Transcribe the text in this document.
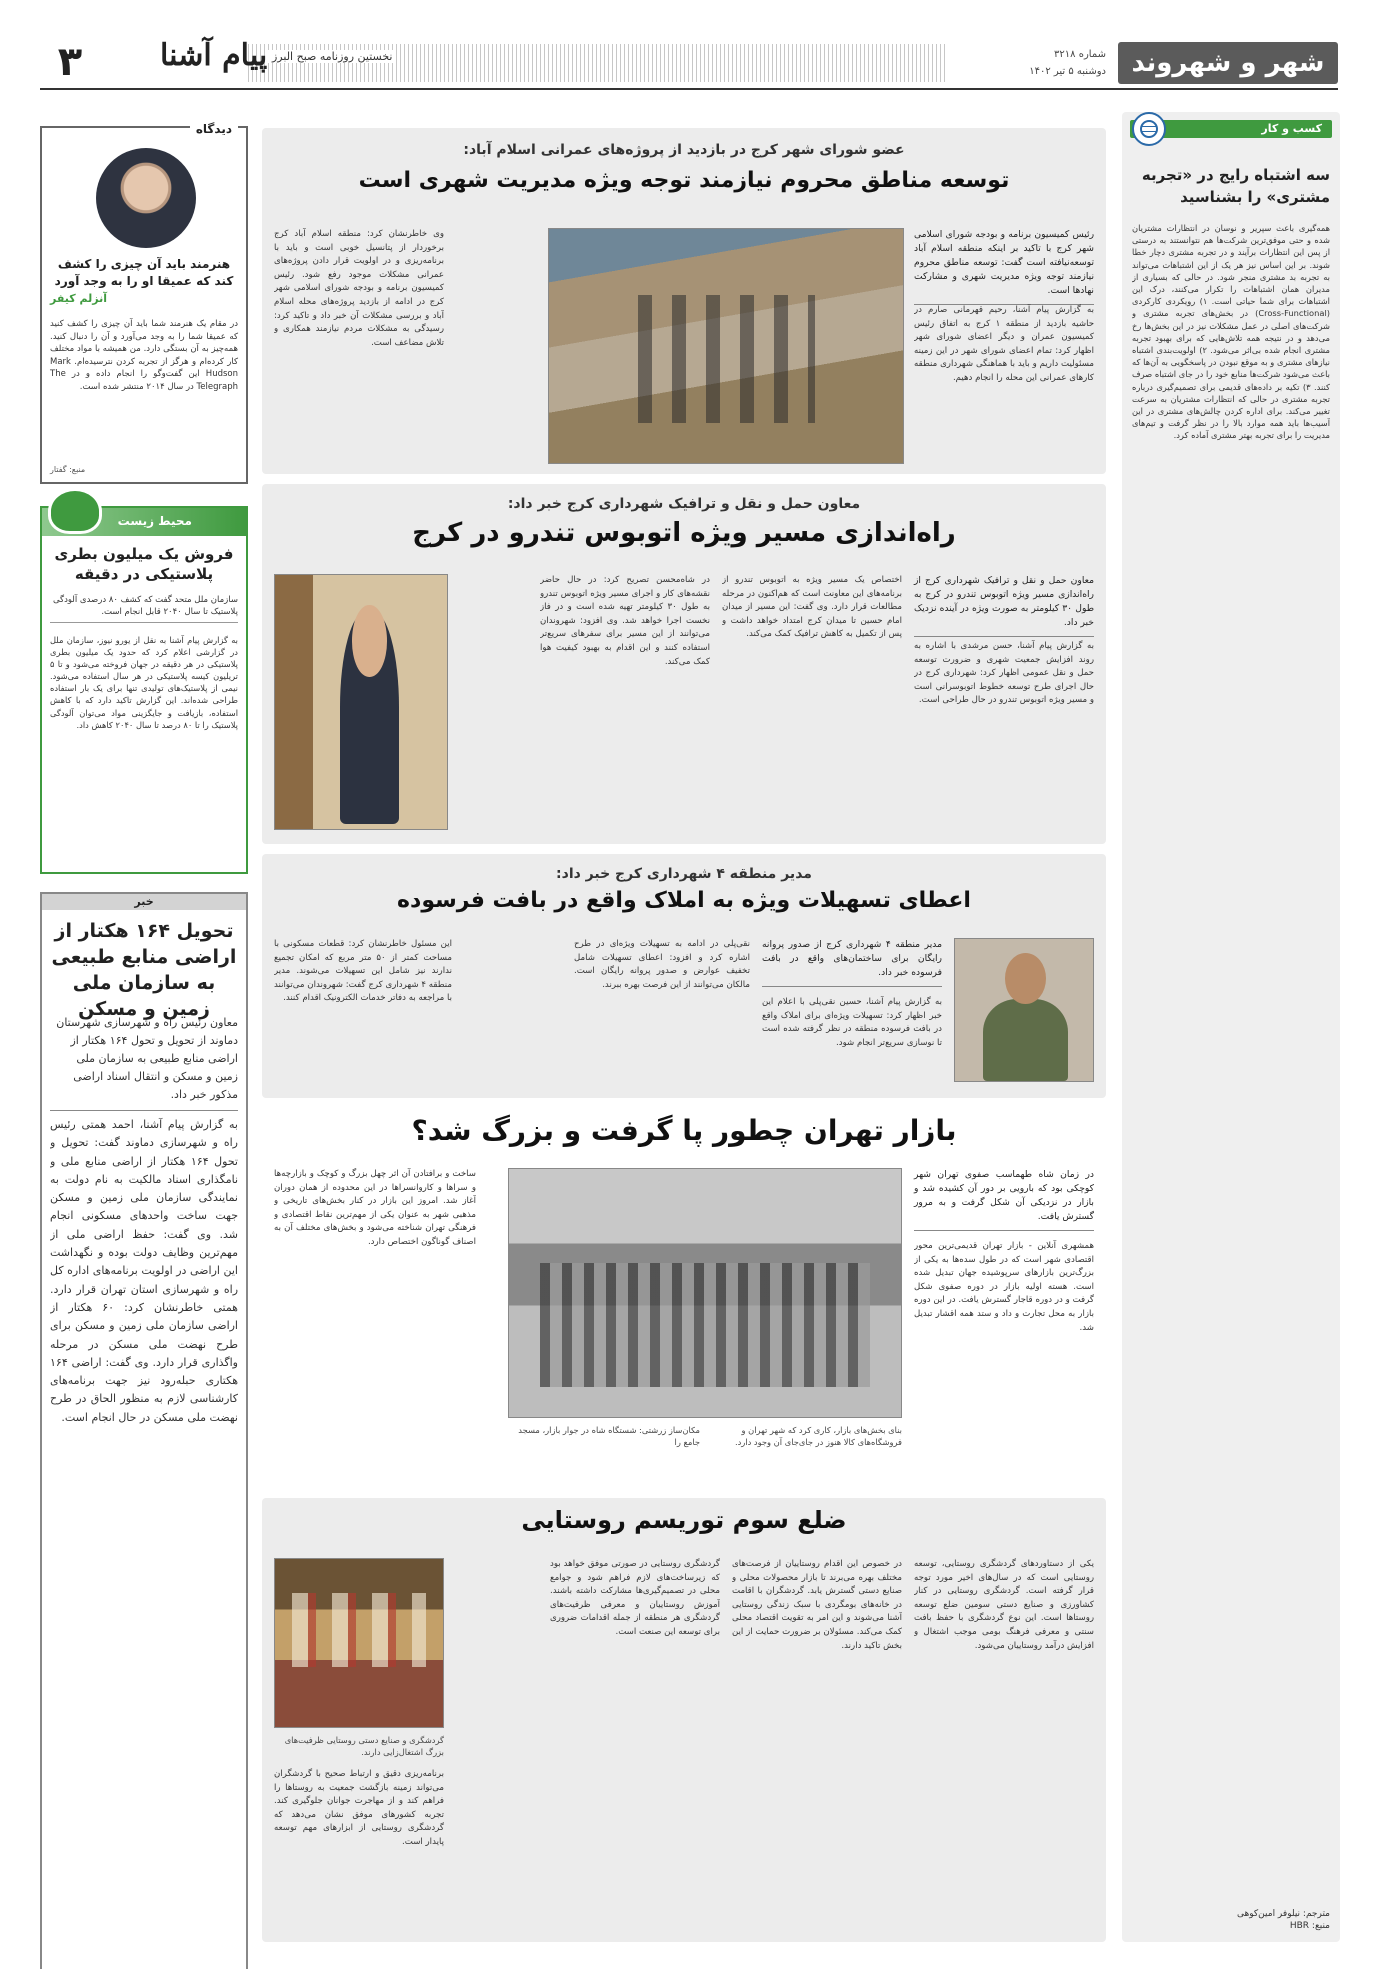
شهر و شهروند
شماره ۳۲۱۸
دوشنبه ۵ تیر ۱۴۰۲
نخستین روزنامه صبح البرز
پیام آشنا
۳
کسب و کار
سه اشتباه رایج در «تجربه مشتری» را بشناسید
همه‌گیری باعث سپریر و نوسان در انتظارات مشتریان شده و حتی موفق‌ترین شرکت‌ها هم نتوانستند به درستی از پس این انتظارات برآیند و در تجربه مشتری دچار خطا شوند. بر این اساس نیز هر یک از این اشتباهات می‌تواند به تجربه بد مشتری منجر شود. در حالی که بسیاری از مدیران همان اشتباهات را تکرار می‌کنند، درک این اشتباهات برای شما حیاتی است. ۱) رویکردی کارکردی (Cross-Functional) در بخش‌های تجربه مشتری و شرکت‌های اصلی در عمل مشکلات نیز در این بخش‌ها رخ می‌دهد و در نتیجه همه تلاش‌هایی که برای بهبود تجربه مشتری انجام شده بی‌اثر می‌شود. ۲) اولویت‌بندی اشتباه نیازهای مشتری و به موقع نبودن در پاسخگویی به آن‌ها که باعث می‌شود شرکت‌ها منابع خود را در جای اشتباه صرف کنند. ۳) تکیه بر داده‌های قدیمی برای تصمیم‌گیری درباره تجربه مشتری در حالی که انتظارات مشتریان به سرعت تغییر می‌کند. برای اداره کردن چالش‌های مشتری در این آسیب‌ها باید همه موارد بالا را در نظر گرفت و تیم‌های مدیریت را برای تجربه بهتر مشتری آماده کرد.
مترجم: نیلوفر امین‌کوهی
منبع: HBR
دیدگاه
هنرمند باید آن چیزی را کشف کند که عمیقا او را به وجد آورد
آنزلم کیفر
در مقام یک هنرمند شما باید آن چیزی را کشف کنید که عمیقا شما را به وجد می‌آورد و آن را دنبال کنید. همه‌چیز به آن بستگی دارد. من همیشه با مواد مختلف کار کرده‌ام و هرگز از تجربه کردن نترسیده‌ام. Mark Hudson این گفت‌وگو را انجام داده و در The Telegraph در سال ۲۰۱۴ منتشر شده است.
منبع: گفتار
محیط زیست
فروش یک میلیون بطری پلاستیکی در دقیقه
سازمان ملل متحد گفت که کشف ۸۰ درصدی آلودگی پلاستیک تا سال ۲۰۴۰ قابل انجام است.
به گزارش پیام آشنا به نقل از یورو نیوز، سازمان ملل در گزارشی اعلام کرد که حدود یک میلیون بطری پلاستیکی در هر دقیقه در جهان فروخته می‌شود و تا ۵ تریلیون کیسه پلاستیکی در هر سال استفاده می‌شود. نیمی از پلاستیک‌های تولیدی تنها برای یک بار استفاده طراحی شده‌اند. این گزارش تاکید دارد که با کاهش استفاده، بازیافت و جایگزینی مواد می‌توان آلودگی پلاستیک را تا ۸۰ درصد تا سال ۲۰۴۰ کاهش داد.
خبر
تحویل ۱۶۴ هکتار از اراضی منابع طبیعی به سازمان ملی زمین و مسکن
معاون رئیس راه و شهرسازی شهرستان دماوند از تحویل و تحول ۱۶۴ هکتار از اراضی منابع طبیعی به سازمان ملی زمین و مسکن و انتقال اسناد اراضی مذکور خبر داد.
به گزارش پیام آشنا، احمد همتی رئیس راه و شهرسازی دماوند گفت: تحویل و تحول ۱۶۴ هکتار از اراضی منابع ملی و نامگذاری اسناد مالکیت به نام دولت به نمایندگی سازمان ملی زمین و مسکن جهت ساخت واحدهای مسکونی انجام شد. وی گفت: حفظ اراضی ملی از مهم‌ترین وظایف دولت بوده و نگهداشت این اراضی در اولویت برنامه‌های اداره کل راه و شهرسازی استان تهران قرار دارد. همتی خاطرنشان کرد: ۶۰ هکتار از اراضی سازمان ملی زمین و مسکن برای طرح نهضت ملی مسکن در مرحله واگذاری قرار دارد. وی گفت: اراضی ۱۶۴ هکتاری حبله‌رود نیز جهت برنامه‌های کارشناسی لازم به منظور الحاق در طرح نهضت ملی مسکن در حال انجام است.
عضو شورای شهر کرج در بازدید از پروژه‌های عمرانی اسلام آباد:
توسعه مناطق محروم نیازمند توجه ویژه مدیریت شهری است
رئیس کمیسیون برنامه و بودجه شورای اسلامی شهر کرج با تاکید بر اینکه منطقه اسلام آباد توسعه‌نیافته است گفت: توسعه مناطق محروم نیازمند توجه ویژه مدیریت شهری و مشارکت نهادها است.
به گزارش پیام آشنا، رحیم قهرمانی صارم در حاشیه بازدید از منطقه ۱ کرج به اتفاق رئیس کمیسیون عمران و دیگر اعضای شورای شهر اظهار کرد: تمام اعضای شورای شهر در این زمینه مسئولیت داریم و باید با هماهنگی شهرداری منطقه کارهای عمرانی این محله را انجام دهیم.
وی خاطرنشان کرد: منطقه اسلام آباد کرج برخوردار از پتانسیل خوبی است و باید با برنامه‌ریزی و در اولویت قرار دادن پروژه‌های عمرانی مشکلات موجود رفع شود. رئیس کمیسیون برنامه و بودجه شورای اسلامی شهر کرج در ادامه از بازدید پروژه‌های محله اسلام آباد و بررسی مشکلات آن خبر داد و تاکید کرد: رسیدگی به مشکلات مردم نیازمند همکاری و تلاش مضاعف است.
معاون حمل و نقل و ترافیک شهرداری کرج خبر داد:
راه‌اندازی مسیر ویژه اتوبوس تندرو در کرج
معاون حمل و نقل و ترافیک شهرداری کرج از راه‌اندازی مسیر ویژه اتوبوس تندرو در کرج به طول ۳۰ کیلومتر به صورت ویژه در آینده نزدیک خبر داد.
به گزارش پیام آشنا، حسن مرشدی با اشاره به روند افزایش جمعیت شهری و ضرورت توسعه حمل و نقل عمومی اظهار کرد: شهرداری کرج در حال اجرای طرح توسعه خطوط اتوبوسرانی است و مسیر ویژه اتوبوس تندرو در حال طراحی است.
اختصاص یک مسیر ویژه به اتوبوس تندرو از برنامه‌های این معاونت است که هم‌اکنون در مرحله مطالعات قرار دارد. وی گفت: این مسیر از میدان امام حسین تا میدان کرج امتداد خواهد داشت و پس از تکمیل به کاهش ترافیک کمک می‌کند.
در شاه‌محسن تصریح کرد: در حال حاضر نقشه‌های کار و اجرای مسیر ویژه اتوبوس تندرو به طول ۳۰ کیلومتر تهیه شده است و در فاز نخست اجرا خواهد شد. وی افزود: شهروندان می‌توانند از این مسیر برای سفرهای سریع‌تر استفاده کنند و این اقدام به بهبود کیفیت هوا کمک می‌کند.
مدیر منطقه ۴ شهرداری کرج خبر داد:
اعطای تسهیلات ویژه به املاک واقع در بافت فرسوده
مدیر منطقه ۴ شهرداری کرج از صدور پروانه رایگان برای ساختمان‌های واقع در بافت فرسوده خبر داد.
به گزارش پیام آشنا، حسین نقی‌پلی با اعلام این خبر اظهار کرد: تسهیلات ویژه‌ای برای املاک واقع در بافت فرسوده منطقه در نظر گرفته شده است تا نوسازی سریع‌تر انجام شود.
نقی‌پلی در ادامه به تسهیلات ویژه‌ای در طرح اشاره کرد و افزود: اعطای تسهیلات شامل تخفیف عوارض و صدور پروانه رایگان است. مالکان می‌توانند از این فرصت بهره ببرند.
این مسئول خاطرنشان کرد: قطعات مسکونی با مساحت کمتر از ۵۰ متر مربع که امکان تجمیع ندارند نیز شامل این تسهیلات می‌شوند. مدیر منطقه ۴ شهرداری کرج گفت: شهروندان می‌توانند با مراجعه به دفاتر خدمات الکترونیک اقدام کنند.
بازار تهران چطور پا گرفت و بزرگ شد؟
در زمان شاه طهماسب صفوی تهران شهر کوچکی بود که بارویی بر دور آن کشیده شد و بازار در نزدیکی آن شکل گرفت و به مرور گسترش یافت.
همشهری آنلاین - بازار تهران قدیمی‌ترین محور اقتصادی شهر است که در طول سده‌ها به یکی از بزرگ‌ترین بازارهای سرپوشیده جهان تبدیل شده است. هسته اولیه بازار در دوره صفوی شکل گرفت و در دوره قاجار گسترش یافت. در این دوره بازار به محل تجارت و داد و ستد همه اقشار تبدیل شد.
بنای بخش‌های بازار، کاری کرد که شهر تهران و فروشگاه‌های کالا هنوز در جای‌جای آن وجود دارد.
مکان‌ساز زرشتی: شستگاه شاه در جوار بازار، مسجد جامع را
ساخت و برافتادن آن اثر چهل بزرگ و کوچک و بازارچه‌ها و سراها و کاروانسراها در این محدوده از همان دوران آغاز شد. امروز این بازار در کنار بخش‌های تاریخی و مذهبی شهر به عنوان یکی از مهم‌ترین نقاط اقتصادی و فرهنگی تهران شناخته می‌شود و بخش‌های مختلف آن به اصناف گوناگون اختصاص دارد.
ضلع سوم توریسم روستایی
یکی از دستاوردهای گردشگری روستایی، توسعه روستایی است که در سال‌های اخیر مورد توجه قرار گرفته است. گردشگری روستایی در کنار کشاورزی و صنایع دستی سومین ضلع توسعه روستاها است. این نوع گردشگری با حفظ بافت سنتی و معرفی فرهنگ بومی موجب اشتغال و افزایش درآمد روستاییان می‌شود.
در خصوص این اقدام روستاییان از فرصت‌های مختلف بهره می‌برند تا بازار محصولات محلی و صنایع دستی گسترش یابد. گردشگران با اقامت در خانه‌های بومگردی با سبک زندگی روستایی آشنا می‌شوند و این امر به تقویت اقتصاد محلی کمک می‌کند. مسئولان بر ضرورت حمایت از این بخش تاکید دارند.
گردشگری روستایی در صورتی موفق خواهد بود که زیرساخت‌های لازم فراهم شود و جوامع محلی در تصمیم‌گیری‌ها مشارکت داشته باشند. آموزش روستاییان و معرفی ظرفیت‌های گردشگری هر منطقه از جمله اقدامات ضروری برای توسعه این صنعت است.
گردشگری و صنایع دستی روستایی ظرفیت‌های بزرگ اشتغال‌زایی دارند.
برنامه‌ریزی دقیق و ارتباط صحیح با گردشگران می‌تواند زمینه بازگشت جمعیت به روستاها را فراهم کند و از مهاجرت جوانان جلوگیری کند. تجربه کشورهای موفق نشان می‌دهد که گردشگری روستایی از ابزارهای مهم توسعه پایدار است.
